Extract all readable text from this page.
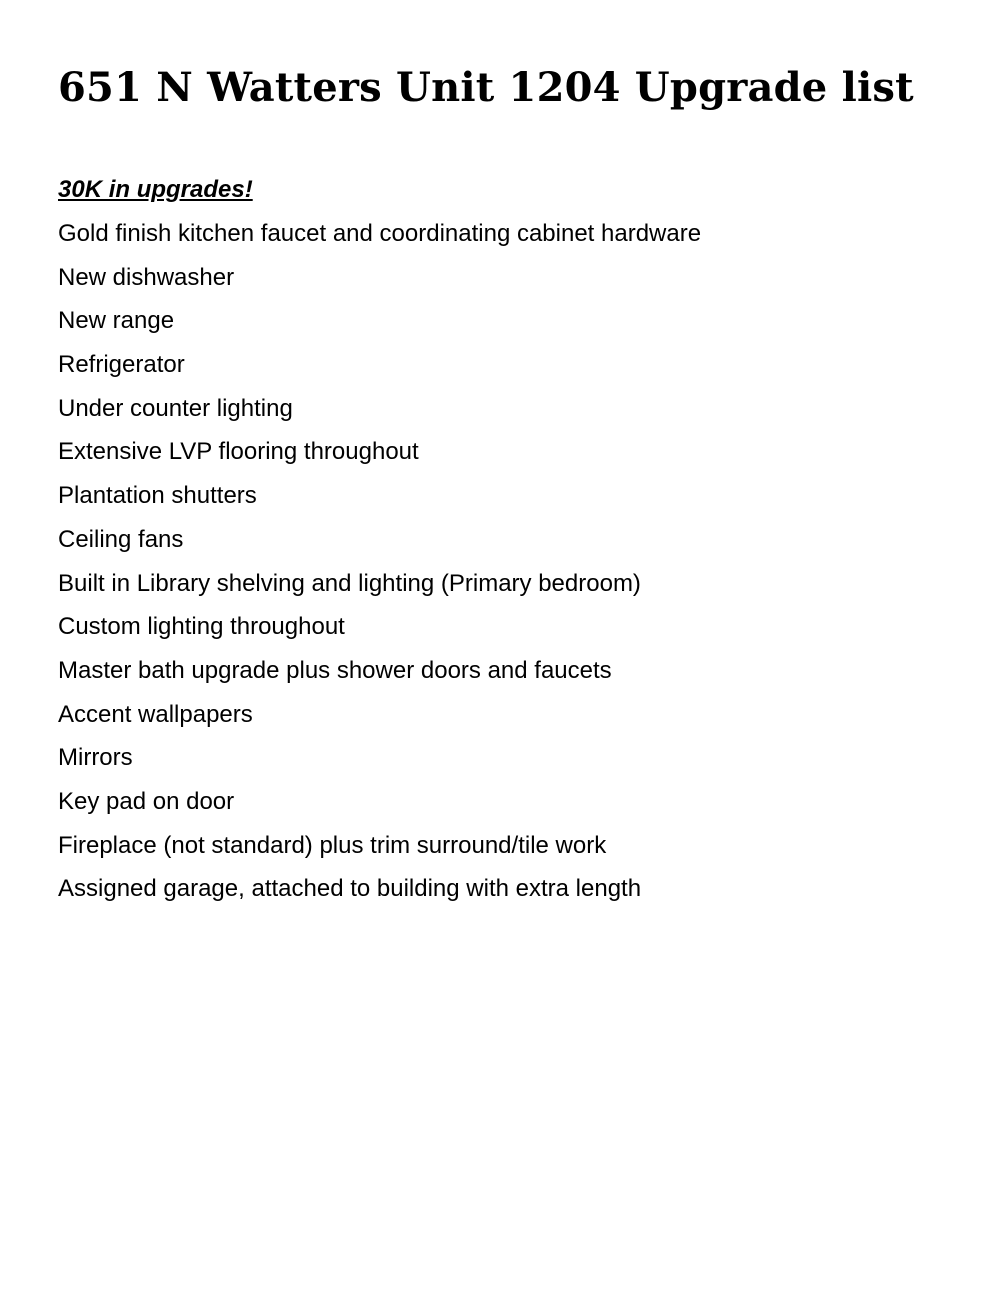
651 N Watters Unit 1204 Upgrade list

30K in upgrades!

Gold finish kitchen faucet and coordinating cabinet hardware
New dishwasher
New range
Refrigerator
Under counter lighting
Extensive LVP flooring throughout
Plantation shutters
Ceiling fans
Built in Library shelving and lighting (Primary bedroom)
Custom lighting throughout
Master bath upgrade plus shower doors and faucets
Accent wallpapers
Mirrors
Key pad on door
Fireplace (not standard) plus trim surround/tile work
Assigned garage, attached to building with extra length
